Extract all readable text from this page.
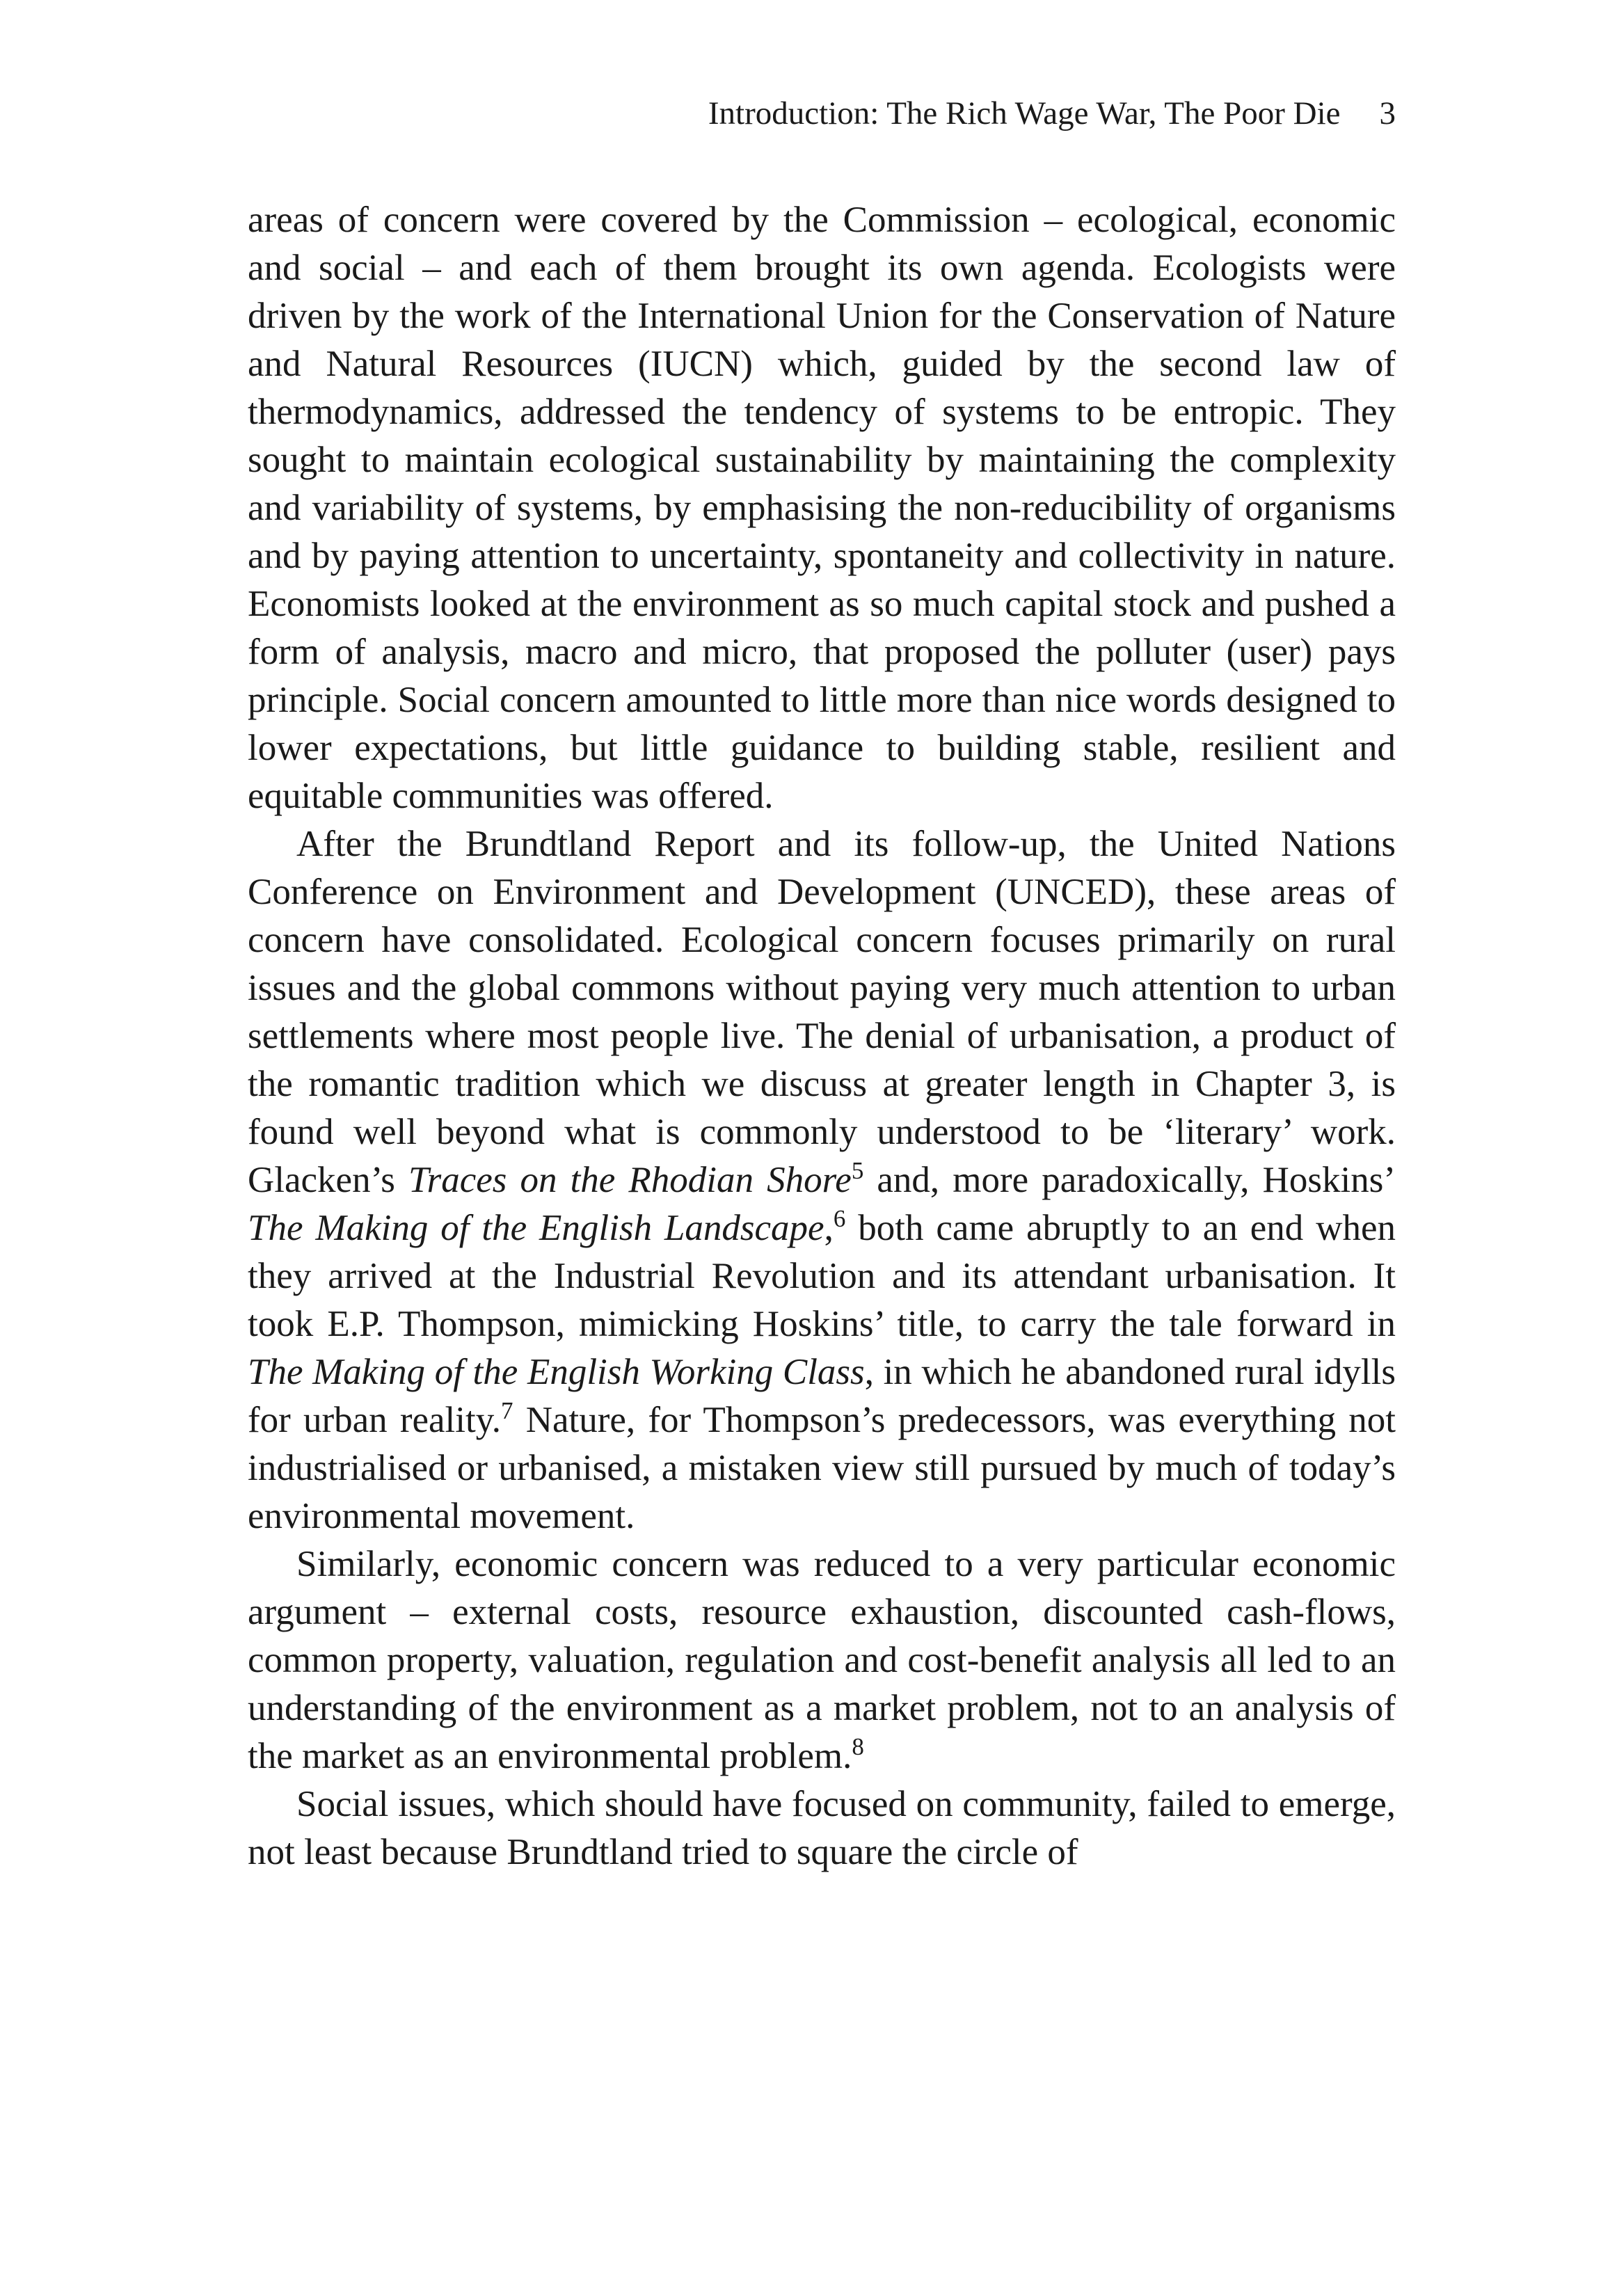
Introduction: The Rich Wage War, The Poor Die 3

areas of concern were covered by the Commission – ecological, economic and social – and each of them brought its own agenda. Ecologists were driven by the work of the International Union for the Conservation of Nature and Natural Resources (IUCN) which, guided by the second law of thermodynamics, addressed the tendency of systems to be entropic. They sought to maintain ecological sustainability by maintaining the complexity and variability of systems, by emphasising the non-reducibility of organisms and by paying attention to uncertainty, spontaneity and collectivity in nature. Economists looked at the environment as so much capital stock and pushed a form of analysis, macro and micro, that proposed the polluter (user) pays principle. Social concern amounted to little more than nice words designed to lower expectations, but little guidance to building stable, resilient and equitable communities was offered.

After the Brundtland Report and its follow-up, the United Nations Conference on Environment and Development (UNCED), these areas of concern have consolidated. Ecological concern focuses primarily on rural issues and the global commons without paying very much attention to urban settlements where most people live. The denial of urbanisation, a product of the romantic tradition which we discuss at greater length in Chapter 3, is found well beyond what is commonly understood to be ‘literary’ work. Glacken’s Traces on the Rhodian Shore$^5$ and, more paradoxically, Hoskins’ The Making of the English Landscape,$^6$ both came abruptly to an end when they arrived at the Industrial Revolution and its attendant urbanisation. It took E.P. Thompson, mimicking Hoskins’ title, to carry the tale forward in The Making of the English Working Class, in which he abandoned rural idylls for urban reality.$^7$ Nature, for Thompson’s predecessors, was everything not industrialised or urbanised, a mistaken view still pursued by much of today’s environmental movement.

Similarly, economic concern was reduced to a very particular economic argument – external costs, resource exhaustion, discounted cash-flows, common property, valuation, regulation and cost-benefit analysis all led to an understanding of the environment as a market problem, not to an analysis of the market as an environmental problem.$^8$

Social issues, which should have focused on community, failed to emerge, not least because Brundtland tried to square the circle of
